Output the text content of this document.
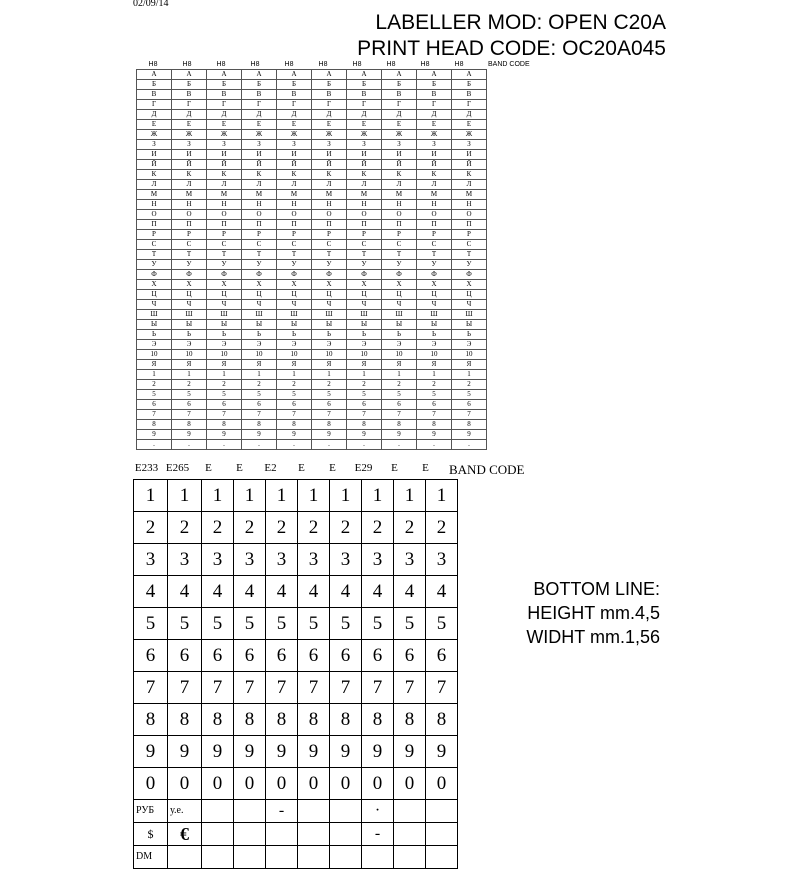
02/09/14
LABELLER MOD: OPEN C20A
PRINT HEAD CODE: OC20A045
H8	H8	H8	H8	H8	H8	H8	H8	H8	H8	BAND CODE
А	А	А	А	А	А	А	А	А	А
Б	Б	Б	Б	Б	Б	Б	Б	Б	Б
В	В	В	В	В	В	В	В	В	В
Г	Г	Г	Г	Г	Г	Г	Г	Г	Г
Д	Д	Д	Д	Д	Д	Д	Д	Д	Д
Е	Е	Е	Е	Е	Е	Е	Е	Е	Е
Ж	Ж	Ж	Ж	Ж	Ж	Ж	Ж	Ж	Ж
З	З	З	З	З	З	З	З	З	З
И	И	И	И	И	И	И	И	И	И
Й	Й	Й	Й	Й	Й	Й	Й	Й	Й
К	К	К	К	К	К	К	К	К	К
Л	Л	Л	Л	Л	Л	Л	Л	Л	Л
М	М	М	М	М	М	М	М	М	М
Н	Н	Н	Н	Н	Н	Н	Н	Н	Н
О	О	О	О	О	О	О	О	О	О
П	П	П	П	П	П	П	П	П	П
Р	Р	Р	Р	Р	Р	Р	Р	Р	Р
С	С	С	С	С	С	С	С	С	С
Т	Т	Т	Т	Т	Т	Т	Т	Т	Т
У	У	У	У	У	У	У	У	У	У
Ф	Ф	Ф	Ф	Ф	Ф	Ф	Ф	Ф	Ф
Х	Х	Х	Х	Х	Х	Х	Х	Х	Х
Ц	Ц	Ц	Ц	Ц	Ц	Ц	Ц	Ц	Ц
Ч	Ч	Ч	Ч	Ч	Ч	Ч	Ч	Ч	Ч
Ш	Ш	Ш	Ш	Ш	Ш	Ш	Ш	Ш	Ш
Ы	Ы	Ы	Ы	Ы	Ы	Ы	Ы	Ы	Ы
Ь	Ь	Ь	Ь	Ь	Ь	Ь	Ь	Ь	Ь
Э	Э	Э	Э	Э	Э	Э	Э	Э	Э
10	10	10	10	10	10	10	10	10	10
Я	Я	Я	Я	Я	Я	Я	Я	Я	Я
1	1	1	1	1	1	1	1	1	1
2	2	2	2	2	2	2	2	2	2
5	5	5	5	5	5	5	5	5	5
6	6	6	6	6	6	6	6	6	6
7	7	7	7	7	7	7	7	7	7
8	8	8	8	8	8	8	8	8	8
9	9	9	9	9	9	9	9	9	9
.	.	.	.	.	.	.	.	.	.
E233 E265	E	E	E2	E	E	E29	E	E	BAND CODE
1	1	1	1	1	1	1	1	1	1
2	2	2	2	2	2	2	2	2	2
3	3	3	3	3	3	3	3	3	3
4	4	4	4	4	4	4	4	4	4
5	5	5	5	5	5	5	5	5	5
6	6	6	6	6	6	6	6	6	6
7	7	7	7	7	7	7	7	7	7
8	8	8	8	8	8	8	8	8	8
9	9	9	9	9	9	9	9	9	9
0	0	0	0	0	0	0	0	0	0
РУБ	у.е.			-			·		
$	€						-		
DM									
BOTTOM LINE:
HEIGHT mm.4,5
WIDHT mm.1,56
